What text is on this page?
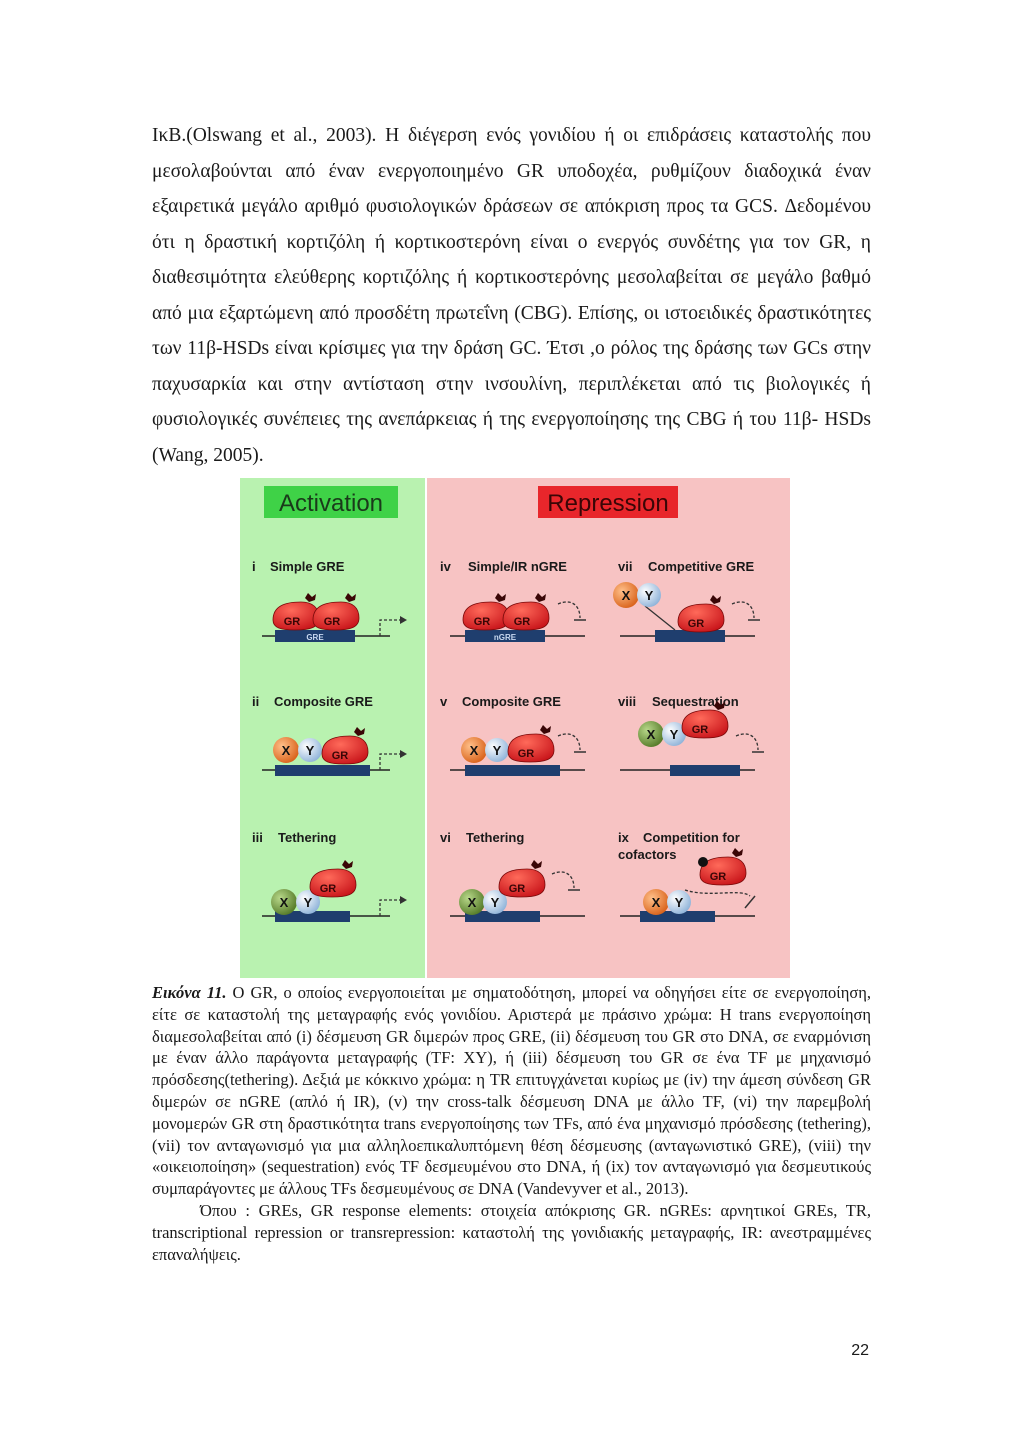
ΙκΒ.(Olswang et al., 2003). Η διέγερση ενός γονιδίου ή οι επιδράσεις καταστολής που μεσολαβούνται από έναν ενεργοποιημένο GR υποδοχέα, ρυθμίζουν διαδοχικά έναν εξαιρετικά μεγάλο αριθμό φυσιολογικών δράσεων σε απόκριση προς τα GCS. Δεδομένου ότι η δραστική κορτιζόλη ή κορτικοστερόνη είναι ο ενεργός συνδέτης για τον GR, η διαθεσιμότητα ελεύθερης κορτιζόλης ή κορτικοστερόνης μεσολαβείται σε μεγάλο βαθμό από μια εξαρτώμενη από προσδέτη πρωτεΐνη (CBG). Επίσης, οι ιστοειδικές δραστικότητες των 11β-HSDs είναι κρίσιμες για την δράση GC. Έτσι ,ο ρόλος της δράσης των GCs στην παχυσαρκία και στην αντίσταση στην ινσουλίνη, περιπλέκεται από τις βιολογικές ή φυσιολογικές συνέπειες της ανεπάρκειας ή της ενεργοποίησης της CBG ή του 11β- HSDs (Wang, 2005).

Activation	Repression
i Simple GRE
ii Composite GRE
iii Tethering
iv Simple/IR nGRE
v Composite GRE
vi Tethering
vii Competitive GRE
viii Sequestration
ix Competition for
cofactors
GRE
GR GR
X Y GR
X Y
GR
nGRE
GR GR
X Y GR
X Y
GR
X Y
GR
X Y GR
X Y
GR

Εικόνα 11. Ο GR, ο οποίος ενεργοποιείται με σηματοδότηση, μπορεί να οδηγήσει είτε σε ενεργοποίηση, είτε σε καταστολή της μεταγραφής ενός γονιδίου. Αριστερά με πράσινο χρώμα: Η trans ενεργοποίηση διαμεσολαβείται από (i) δέσμευση GR διμερών προς GRE, (ii) δέσμευση του GR στο DNA, σε εναρμόνιση με έναν άλλο παράγοντα μεταγραφής (TF: XY), ή (iii) δέσμευση του GR σε ένα TF με μηχανισμό πρόσδεσης(tethering). Δεξιά με κόκκινο χρώμα: η TR επιτυγχάνεται κυρίως με (iv) την άμεση σύνδεση GR διμερών σε nGRE (απλό ή IR), (v) την cross-talk δέσμευση DNA με άλλο TF, (vi) την παρεμβολή μονομερών GR στη δραστικότητα trans ενεργοποίησης των TFs, από ένα μηχανισμό πρόσδεσης (tethering), (vii) τον ανταγωνισμό για μια αλληλοεπικαλυπτόμενη θέση δέσμευσης (ανταγωνιστικό GRE), (viii) την «οικειοποίηση» (sequestration) ενός TF δεσμευμένου στο DNA, ή (ix) τον ανταγωνισμό για δεσμευτικούς συμπαράγοντες με άλλους TFs δεσμευμένους σε DNA (Vandevyver et al., 2013).

Όπου : GREs, GR response elements: στοιχεία απόκρισης GR. nGREs: αρνητικοί GREs, TR, transcriptional repression or transrepression: καταστολή της γονιδιακής μεταγραφής, IR: ανεστραμμένες επαναλήψεις.

22
